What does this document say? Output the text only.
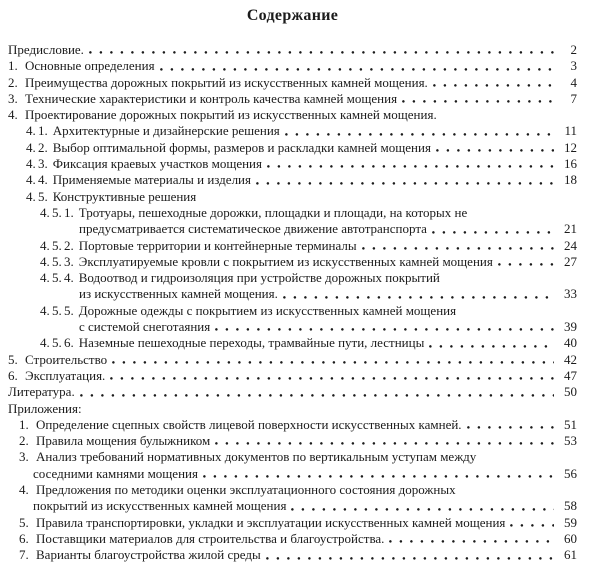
Содержание
Предисловие.	2
1. Основные определения	3
2. Преимущества дорожных покрытий из искусственных камней мощения.	4
3. Технические характеристики и контроль качества камней мощения	7
4. Проектирование дорожных покрытий из искусственных камней мощения.
4. 1. Архитектурные и дизайнерские решения	11
4. 2. Выбор оптимальной формы, размеров и раскладки камней мощения	12
4. 3. Фиксация краевых участков мощения	16
4. 4. Применяемые материалы и изделия	18
4. 5. Конструктивные решения
4. 5. 1. Тротуары, пешеходные дорожки, площадки и площади, на которых не
предусматривается систематическое движение автотранспорта	21
4. 5. 2. Портовые территории и контейнерные терминалы	24
4. 5. 3. Эксплуатируемые кровли с покрытием из искусственных камней мощения	27
4. 5. 4. Водоотвод и гидроизоляция при устройстве дорожных покрытий
из искусственных камней мощения.	33
4. 5. 5. Дорожные одежды с покрытием из искусственных камней мощения
с системой снеготаяния	39
4. 5. 6. Наземные пешеходные переходы, трамвайные пути, лестницы	40
5. Строительство	42
6. Эксплуатация.	47
Литература.	50
Приложения:
1. Определение сцепных свойств лицевой поверхности искусственных камней.	51
2. Правила мощения булыжником	53
3. Анализ требований нормативных документов по вертикальным уступам между
соседними камнями мощения	56
4. Предложения по методики оценки эксплуатационного состояния дорожных
покрытий из искусственных камней мощения	58
5. Правила транспортировки, укладки и эксплуатации искусственных камней мощения	59
6. Поставщики материалов для строительства и благоустройства.	60
7. Варианты благоустройства жилой среды	61
